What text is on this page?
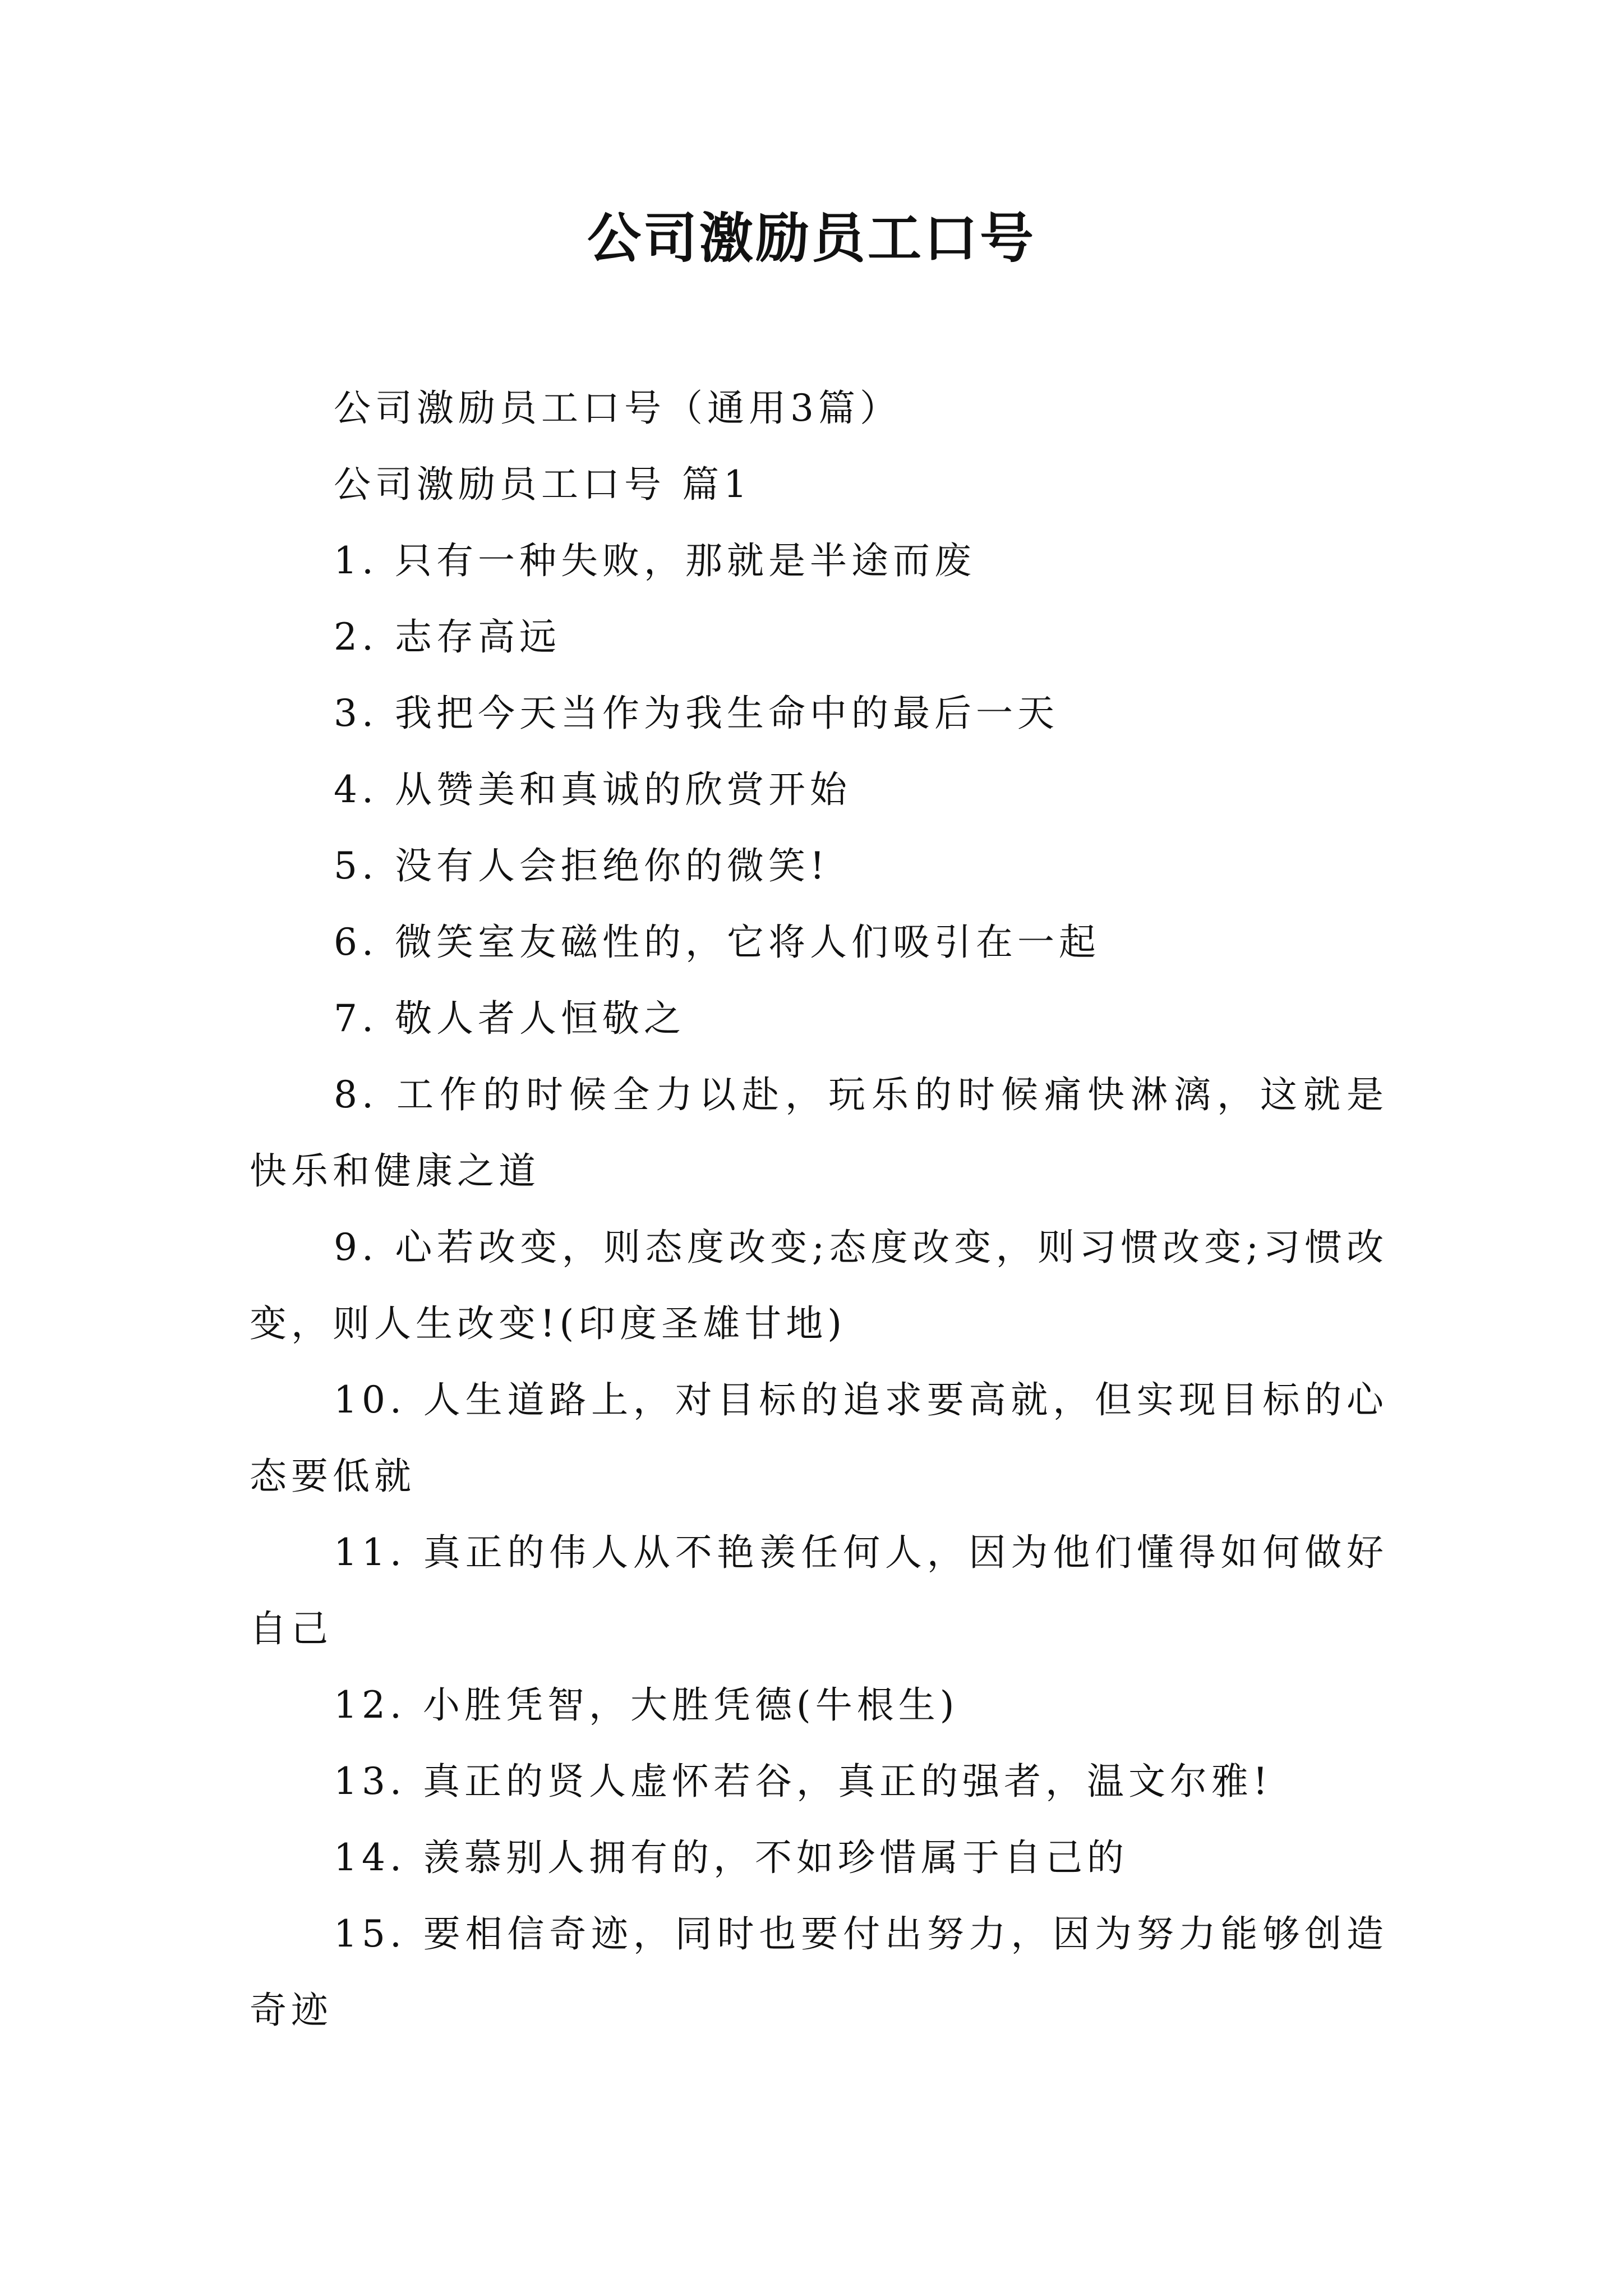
公司激励员工口号

公司激励员工口号（通用3篇）

公司激励员工口号 篇1

1. 只有一种失败，那就是半途而废

2. 志存高远

3. 我把今天当作为我生命中的最后一天

4. 从赞美和真诚的欣赏开始

5. 没有人会拒绝你的微笑!

6. 微笑室友磁性的，它将人们吸引在一起

7. 敬人者人恒敬之

8. 工作的时候全力以赴，玩乐的时候痛快淋漓，这就是快乐和健康之道

9. 心若改变，则态度改变;态度改变，则习惯改变;习惯改变，则人生改变!(印度圣雄甘地)

10. 人生道路上，对目标的追求要高就，但实现目标的心态要低就

11. 真正的伟人从不艳羡任何人，因为他们懂得如何做好自己

12. 小胜凭智，大胜凭德(牛根生)

13. 真正的贤人虚怀若谷，真正的强者，温文尔雅!

14. 羡慕别人拥有的，不如珍惜属于自己的

15. 要相信奇迹，同时也要付出努力，因为努力能够创造奇迹
